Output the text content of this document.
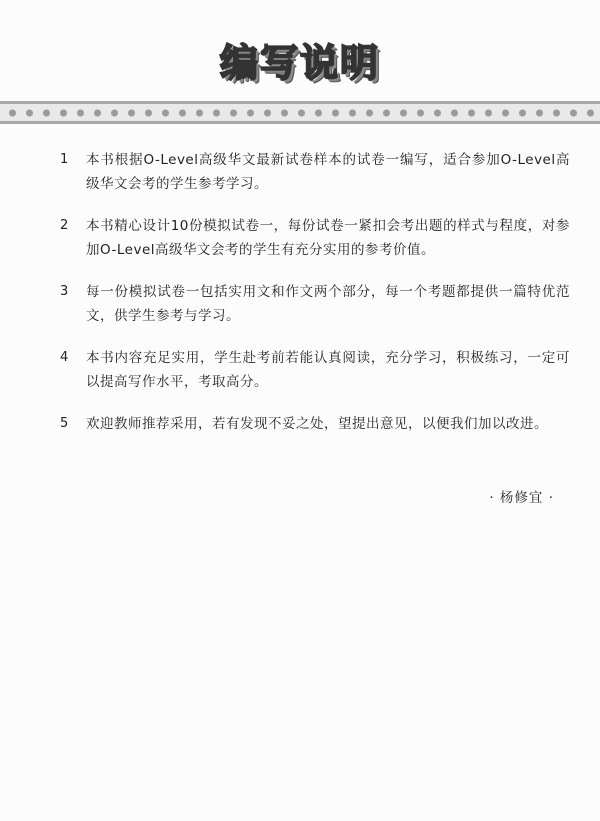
编写说明
1	本书根据O-Level高级华文最新试卷样本的试卷一编写，适合参加O-Level高级华文会考的学生参考学习。
2	本书精心设计10份模拟试卷一，每份试卷一紧扣会考出题的样式与程度，对参加O-Level高级华文会考的学生有充分实用的参考价值。
3	每一份模拟试卷一包括实用文和作文两个部分，每一个考题都提供一篇特优范文，供学生参考与学习。
4	本书内容充足实用，学生赴考前若能认真阅读，充分学习，积极练习，一定可以提高写作水平，考取高分。
5	欢迎教师推荐采用，若有发现不妥之处，望提出意见，以便我们加以改进。
· 杨修宜 ·
